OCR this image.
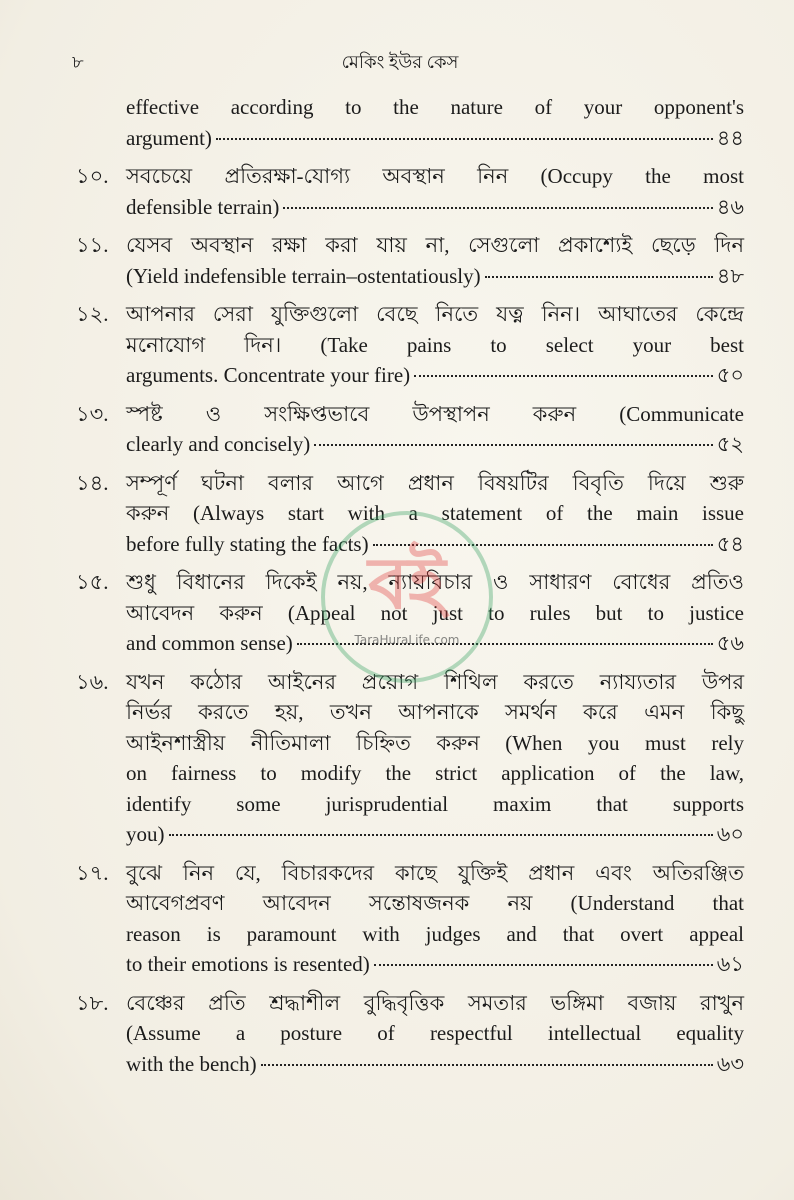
৮	মেকিং ইউর কেস
effective according to the nature of your opponent's
argument)	৪৪
১০. সবচেয়ে প্রতিরক্ষা-যোগ্য অবস্থান নিন (Occupy the most
defensible terrain)	৪৬
১১. যেসব অবস্থান রক্ষা করা যায় না, সেগুলো প্রকাশ্যেই ছেড়ে দিন
(Yield indefensible terrain–ostentatiously)	৪৮
১২. আপনার সেরা যুক্তিগুলো বেছে নিতে যত্ন নিন। আঘাতের কেন্দ্রে
মনোযোগ দিন। (Take pains to select your best
arguments. Concentrate your fire)	৫০
১৩. স্পষ্ট ও সংক্ষিপ্তভাবে উপস্থাপন করুন (Communicate
clearly and concisely)	৫২
১৪. সম্পূর্ণ ঘটনা বলার আগে প্রধান বিষয়টির বিবৃতি দিয়ে শুরু
করুন (Always start with a statement of the main issue
before fully stating the facts)	৫৪
১৫. শুধু বিধানের দিকেই নয়, ন্যায়বিচার ও সাধারণ বোধের প্রতিও
আবেদন করুন (Appeal not just to rules but to justice
and common sense)	৫৬
১৬. যখন কঠোর আইনের প্রয়োগ শিথিল করতে ন্যায্যতার উপর
নির্ভর করতে হয়, তখন আপনাকে সমর্থন করে এমন কিছু
আইনশাস্ত্রীয় নীতিমালা চিহ্নিত করুন (When you must rely
on fairness to modify the strict application of the law,
identify some jurisprudential maxim that supports
you)	৬০
১৭. বুঝে নিন যে, বিচারকদের কাছে যুক্তিই প্রধান এবং অতিরঞ্জিত
আবেগপ্রবণ আবেদন সন্তোষজনক নয় (Understand that
reason is paramount with judges and that overt appeal
to their emotions is resented)	৬১
১৮. বেঞ্চের প্রতি শ্রদ্ধাশীল বুদ্ধিবৃত্তিক সমতার ভঙ্গিমা বজায় রাখুন
(Assume a posture of respectful intellectual equality
with the bench)	৬৩
বই
TaraHuraLife.com
